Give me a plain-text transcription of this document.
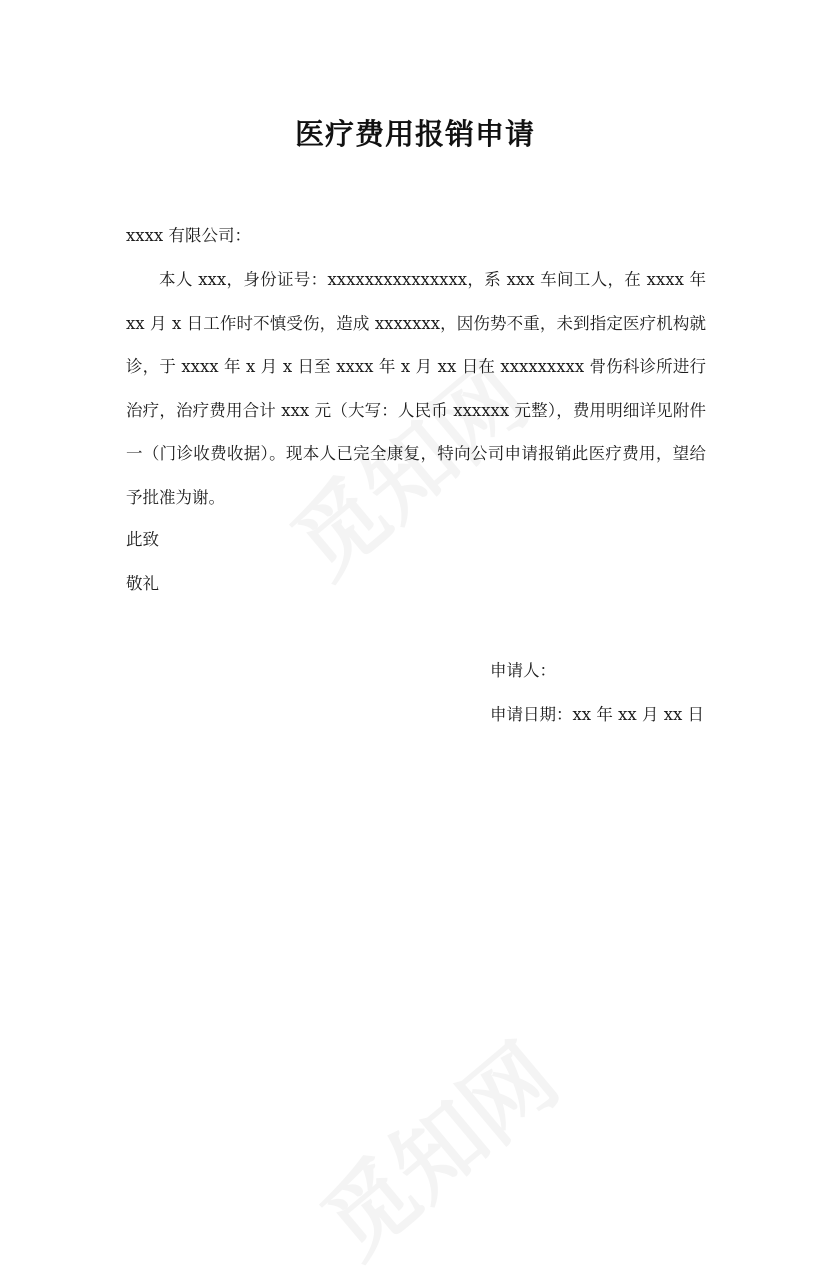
医疗费用报销申请
xxxx 有限公司：
本人 xxx，身份证号：xxxxxxxxxxxxxxx，系 xxx 车间工人，在 xxxx 年 xx 月 x 日工作时不慎受伤，造成 xxxxxxx，因伤势不重，未到指定医疗机构就诊，于 xxxx 年 x 月 x 日至 xxxx 年 x 月 xx 日在 xxxxxxxxx 骨伤科诊所进行治疗，治疗费用合计 xxx 元（大写：人民币 xxxxxx 元整），费用明细详见附件一（门诊收费收据）。现本人已完全康复，特向公司申请报销此医疗费用，望给予批准为谢。
此致
敬礼
申请人：
申请日期：xx 年 xx 月 xx 日
